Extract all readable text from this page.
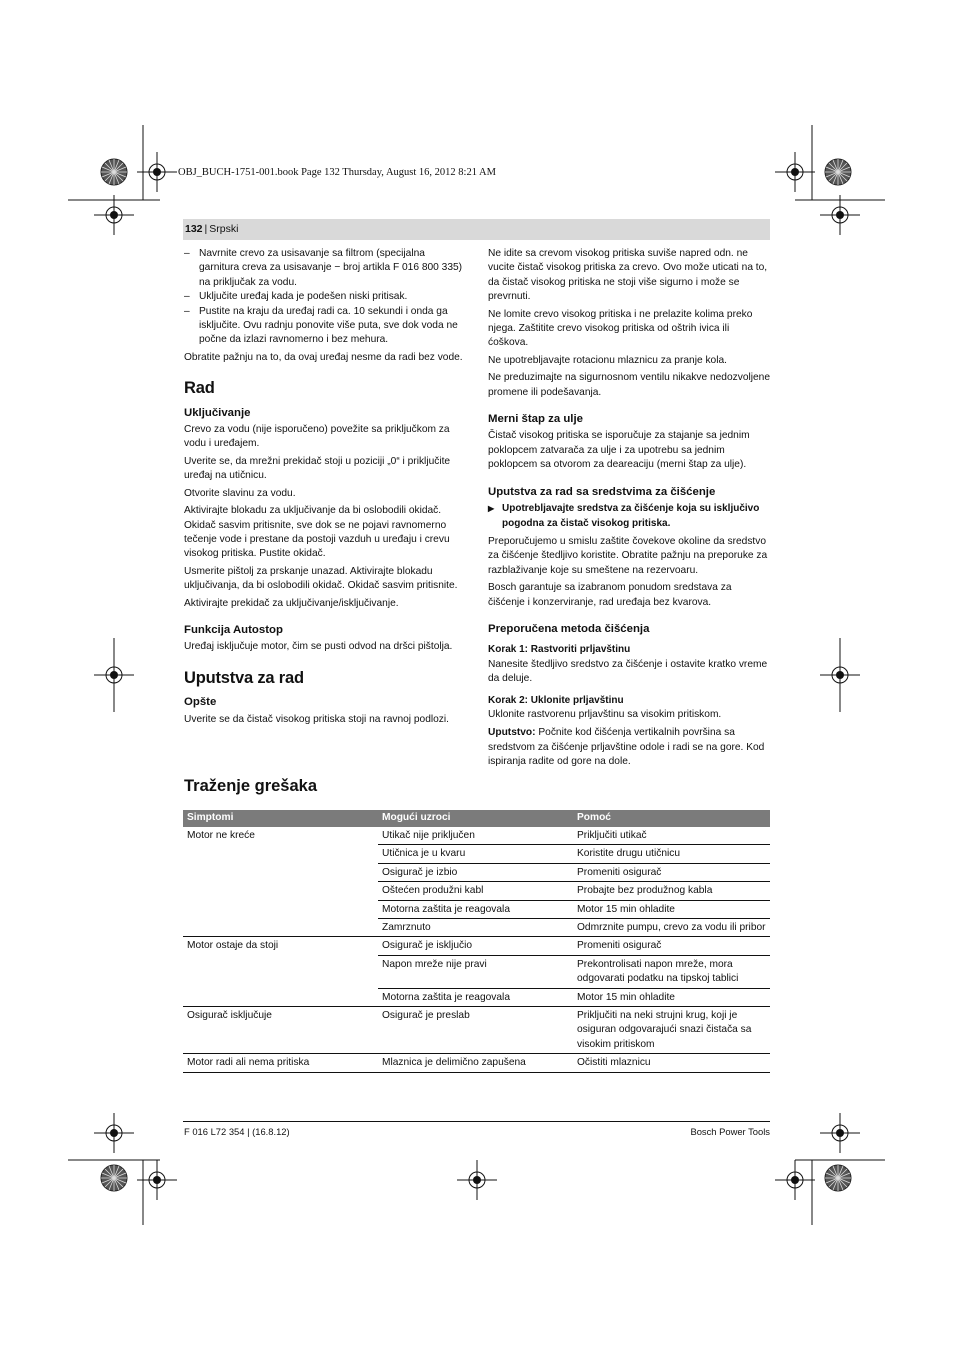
OBJ_BUCH-1751-001.book Page 132 Thursday, August 16, 2012 8:21 AM
132 | Srpski
– Navrnite crevo za usisavanje sa filtrom (specijalna garnitura creva za usisavanje − broj artikla F 016 800 335) na priključak za vodu.
– Uključite uređaj kada je podešen niski pritisak.
– Pustite na kraju da uređaj radi ca. 10 sekundi i onda ga isključite. Ovu radnju ponovite više puta, sve dok voda ne počne da izlazi ravnomerno i bez mehura.

Obratite pažnju na to, da ovaj uređaj nesme da radi bez vode.

Rad
Uključivanje

Crevo za vodu (nije isporučeno) povežite sa priključkom za vodu i uređajem.

Uverite se, da mrežni prekidač stoji u poziciji „0“ i priključite uređaj na utičnicu.

Otvorite slavinu za vodu.

Aktivirajte blokadu za uključivanje da bi oslobodili okidač. Okidač sasvim pritisnite, sve dok se ne pojavi ravnomerno tečenje vode i prestane da postoji vazduh u uređaju i crevu visokog pritiska. Pustite okidač.

Usmerite pištolj za prskanje unazad. Aktivirajte blokadu uključivanja, da bi oslobodili okidač. Okidač sasvim pritisnite.

Aktivirajte prekidač za uključivanje/isključivanje.

Funkcija Autostop

Uređaj isključuje motor, čim se pusti odvod na dršci pištolja.

Uputstva za rad
Opšte

Uverite se da čistač visokog pritiska stoji na ravnoj podlozi.

Ne idite sa crevom visokog pritiska suviše napred odn. ne vucite čistač visokog pritiska za crevo. Ovo može uticati na to, da čistač visokog pritiska ne stoji više sigurno i može se prevrnuti.

Ne lomite crevo visokog pritiska i ne prelazite kolima preko njega. Zaštitite crevo visokog pritiska od oštrih ivica ili ćoškova.

Ne upotrebljavajte rotacionu mlaznicu za pranje kola.

Ne preduzimajte na sigurnosnom ventilu nikakve nedozvoljene promene ili podešavanja.

Merni štap za ulje

Čistač visokog pritiska se isporučuje za stajanje sa jednim poklopcem zatvarača za ulje i za upotrebu sa jednim poklopcem sa otvorom za deareaciju (merni štap za ulje).

Uputstva za rad sa sredstvima za čišćenje
▶ Upotrebljavajte sredstva za čišćenje koja su isključivo pogodna za čistač visokog pritiska.

Preporučujemo u smislu zaštite čovekove okoline da sredstvo za čišćenje štedljivo koristite. Obratite pažnju na preporuke za razblaživanje koje su smeštene na rezervoaru.

Bosch garantuje sa izabranom ponudom sredstava za čišćenje i konzerviranje, rad uređaja bez kvarova.

Preporučena metoda čišćenja
Korak 1: Rastvoriti prljavštinu

Nanesite štedljivo sredstvo za čišćenje i ostavite kratko vreme da deluje.

Korak 2: Uklonite prljavštinu

Uklonite rastvorenu prljavštinu sa visokim pritiskom.

Uputstvo: Počnite kod čišćenja vertikalnih površina sa sredstvom za čišćenje prljavštine odole i radi se na gore. Kod ispiranja radite od gore na dole.

Traženje grešaka
Simptomi	Mogući uzroci	Pomoć
Motor ne kreće	Utikač nije priključen	Priključiti utikač
	Utičnica je u kvaru	Koristite drugu utičnicu
	Osigurač je izbio	Promeniti osigurač
	Oštećen produžni kabl	Probajte bez produžnog kabla
	Motorna zaštita je reagovala	Motor 15 min ohladite
	Zamrznuto	Odmrznite pumpu, crevo za vodu ili pribor
Motor ostaje da stoji	Osigurač je isključio	Promeniti osigurač
	Napon mreže nije pravi	Prekontrolisati napon mreže, mora odgovarati podatku na tipskoj tablici
	Motorna zaštita je reagovala	Motor 15 min ohladite
Osigurač isključuje	Osigurač je preslab	Priključiti na neki strujni krug, koji je osiguran odgovarajući snazi čistača sa visokim pritiskom
Motor radi ali nema pritiska	Mlaznica je delimično zapušena	Očistiti mlaznicu
F 016 L72 354 | (16.8.12)	Bosch Power Tools
